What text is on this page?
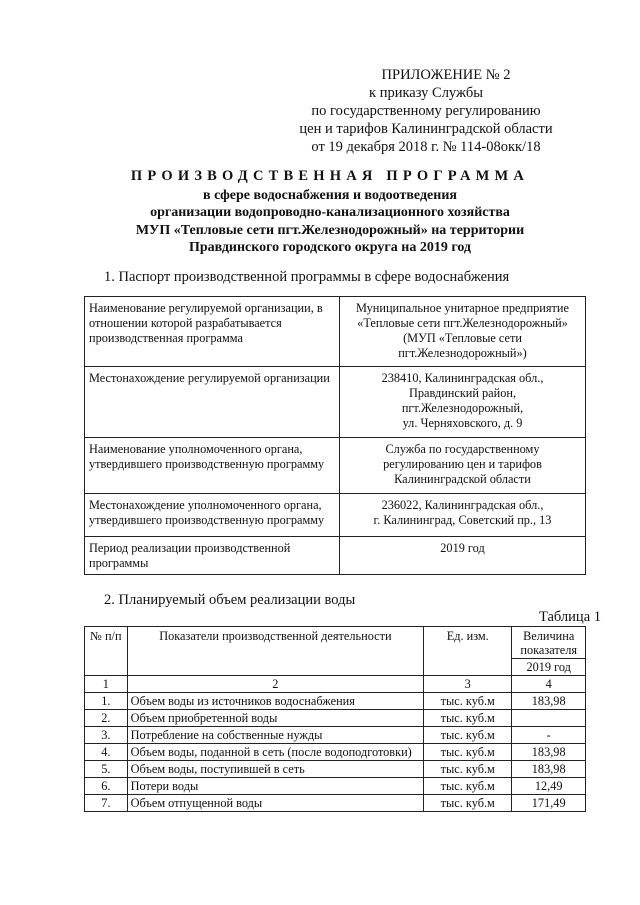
ПРИЛОЖЕНИЕ № 2
к приказу Службы
по государственному регулированию
цен и тарифов Калининградской области
от 19 декабря 2018 г. № 114-08окк/18
ПРОИЗВОДСТВЕННАЯ ПРОГРАММА
в сфере водоснабжения и водоотведения
организации водопроводно-канализационного хозяйства
МУП «Тепловые сети пгт.Железнодорожный» на территории
Правдинского городского округа на 2019 год
1. Паспорт производственной программы в сфере водоснабжения
Наименование регулируемой организации, в отношении которой разрабатывается производственная программа	Муниципальное унитарное предприятие
«Тепловые сети пгт.Железнодорожный»
(МУП «Тепловые сети
пгт.Железнодорожный»)

Местонахождение регулируемой организации	238410, Калининградская обл.,
Правдинский район,
пгт.Железнодорожный,
ул. Черняховского, д. 9

Наименование уполномоченного органа, утвердившего производственную программу	Служба по государственному
регулированию цен и тарифов
Калининградской области

Местонахождение уполномоченного органа, утвердившего производственную программу	236022, Калининградская обл.,
г. Калининград, Советский пр., 13

Период реализации производственной программы	2019 год
2. Планируемый объем реализации воды
Таблица 1
№ п/п	Показатели производственной деятельности	Ед. изм.	Величина показателя
2019 год

1	2	3	4
1.	Объем воды из источников водоснабжения	тыс. куб.м	183,98
2.	Объем приобретенной воды	тыс. куб.м	
3.	Потребление на собственные нужды	тыс. куб.м	-
4.	Объем воды, поданной в сеть (после водоподготовки)	тыс. куб.м	183,98
5.	Объем воды, поступившей в сеть	тыс. куб.м	183,98
6.	Потери воды	тыс. куб.м	12,49
7.	Объем отпущенной воды	тыс. куб.м	171,49
